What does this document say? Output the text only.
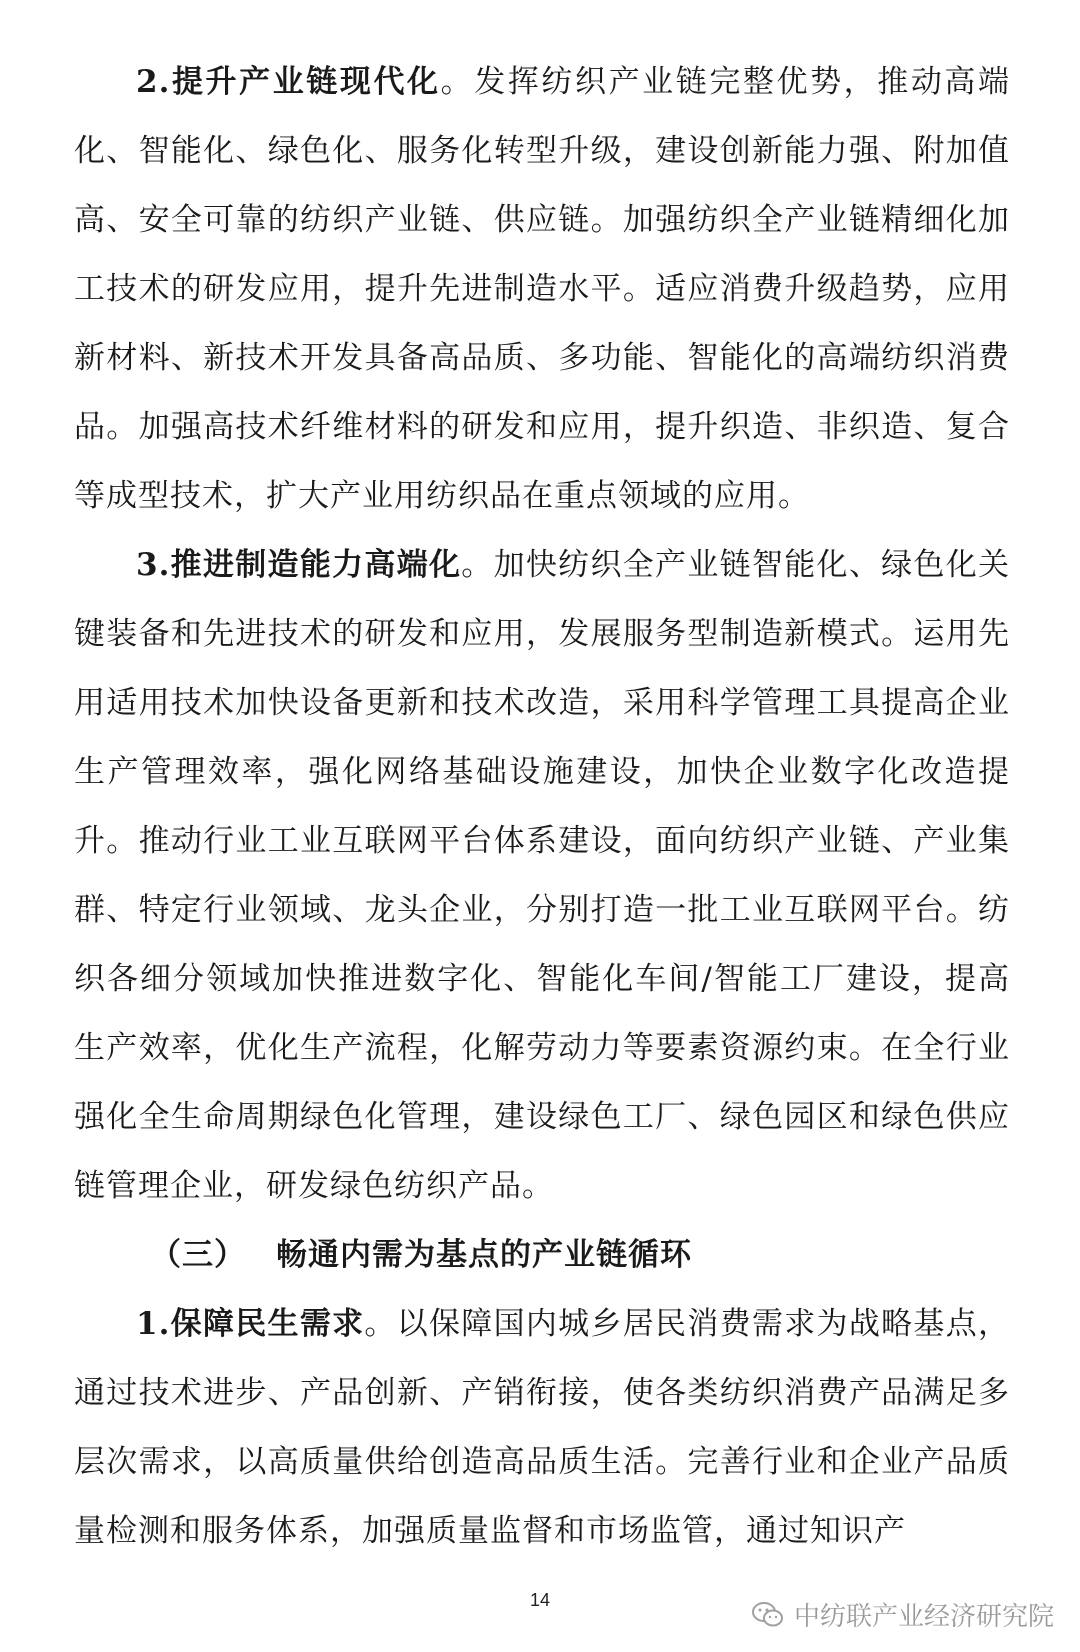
2.提升产业链现代化。发挥纺织产业链完整优势，推动高端化、智能化、绿色化、服务化转型升级，建设创新能力强、附加值高、安全可靠的纺织产业链、供应链。加强纺织全产业链精细化加工技术的研发应用，提升先进制造水平。适应消费升级趋势，应用新材料、新技术开发具备高品质、多功能、智能化的高端纺织消费品。加强高技术纤维材料的研发和应用，提升织造、非织造、复合等成型技术，扩大产业用纺织品在重点领域的应用。

3.推进制造能力高端化。加快纺织全产业链智能化、绿色化关键装备和先进技术的研发和应用，发展服务型制造新模式。运用先用适用技术加快设备更新和技术改造，采用科学管理工具提高企业生产管理效率，强化网络基础设施建设，加快企业数字化改造提升。推动行业工业互联网平台体系建设，面向纺织产业链、产业集群、特定行业领域、龙头企业，分别打造一批工业互联网平台。纺织各细分领域加快推进数字化、智能化车间/智能工厂建设，提高生产效率，优化生产流程，化解劳动力等要素资源约束。在全行业强化全生命周期绿色化管理，建设绿色工厂、绿色园区和绿色供应链管理企业，研发绿色纺织产品。

（三） 畅通内需为基点的产业链循环

1.保障民生需求。以保障国内城乡居民消费需求为战略基点，通过技术进步、产品创新、产销衔接，使各类纺织消费产品满足多层次需求，以高质量供给创造高品质生活。完善行业和企业产品质量检测和服务体系，加强质量监督和市场监管，通过知识产

14
中纺联产业经济研究院
